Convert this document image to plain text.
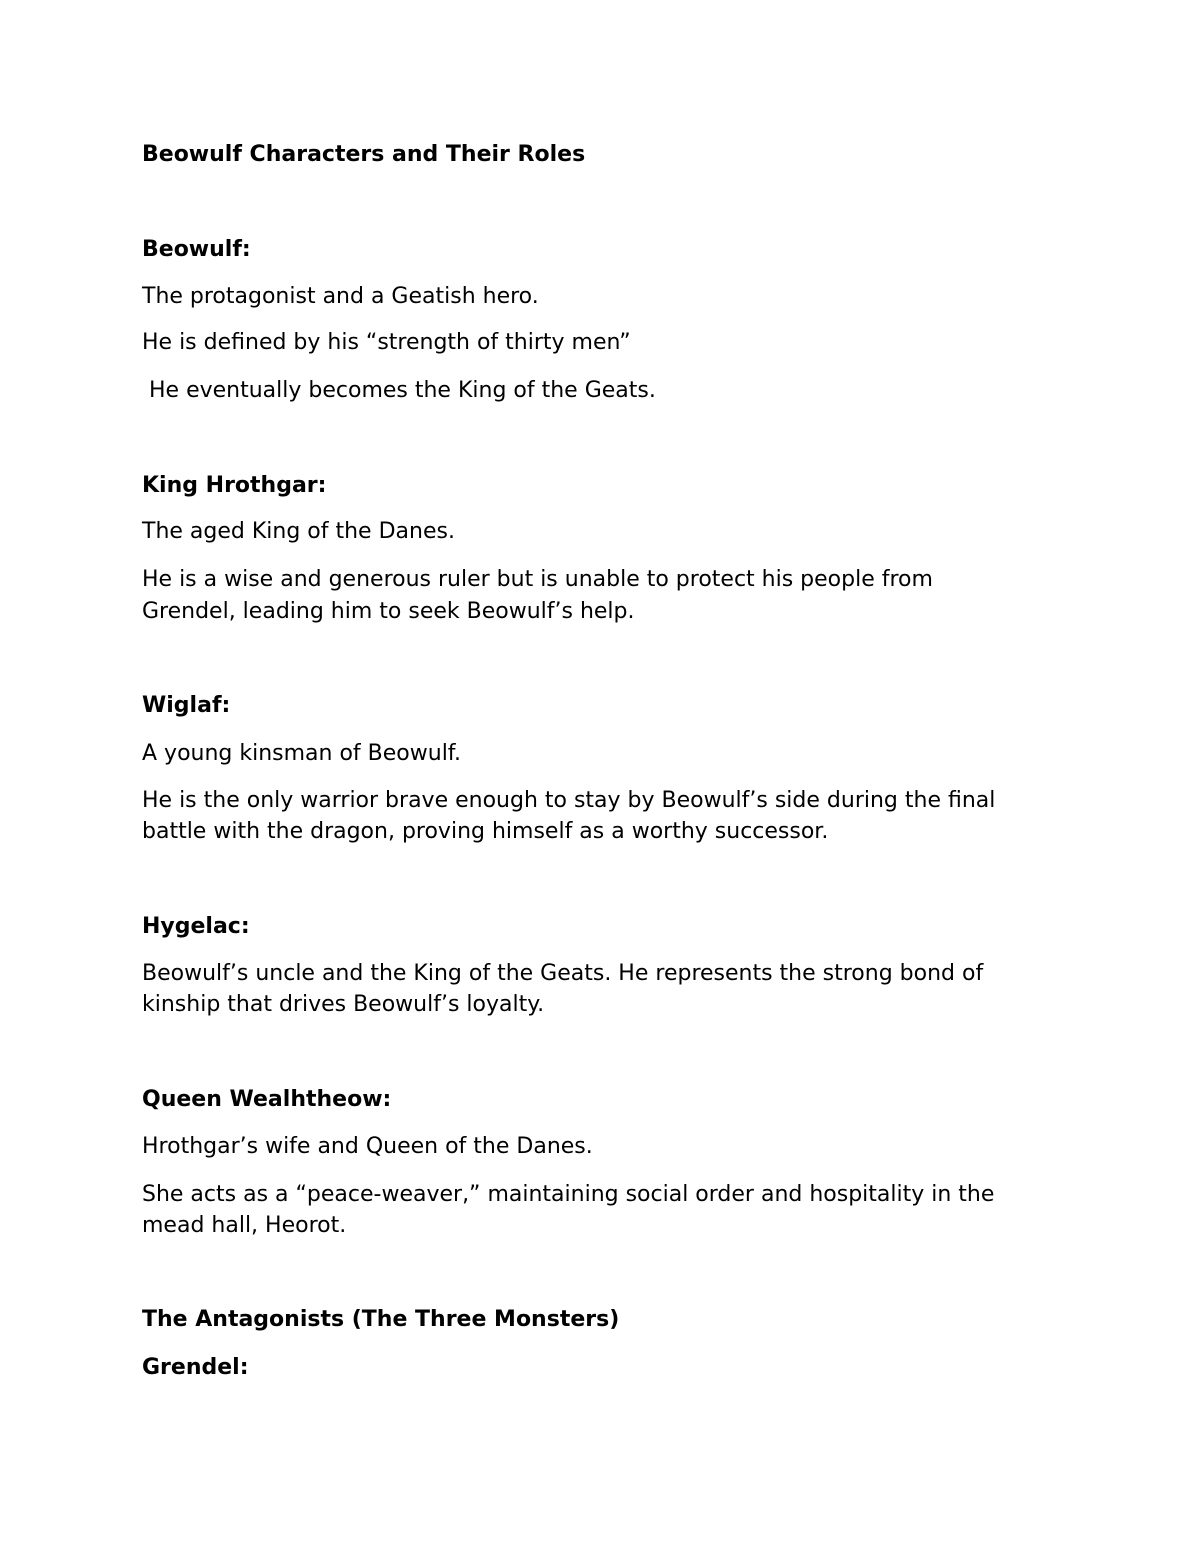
Beowulf Characters and Their Roles

Beowulf:

The protagonist and a Geatish hero.

He is defined by his “strength of thirty men”

He eventually becomes the King of the Geats.

King Hrothgar:

The aged King of the Danes.

He is a wise and generous ruler but is unable to protect his people from

Grendel, leading him to seek Beowulf’s help.

Wiglaf:

A young kinsman of Beowulf.

He is the only warrior brave enough to stay by Beowulf’s side during the final

battle with the dragon, proving himself as a worthy successor.

Hygelac:

Beowulf’s uncle and the King of the Geats. He represents the strong bond of

kinship that drives Beowulf’s loyalty.

Queen Wealhtheow:

Hrothgar’s wife and Queen of the Danes.

She acts as a “peace-weaver,” maintaining social order and hospitality in the

mead hall, Heorot.

The Antagonists (The Three Monsters)

Grendel:
